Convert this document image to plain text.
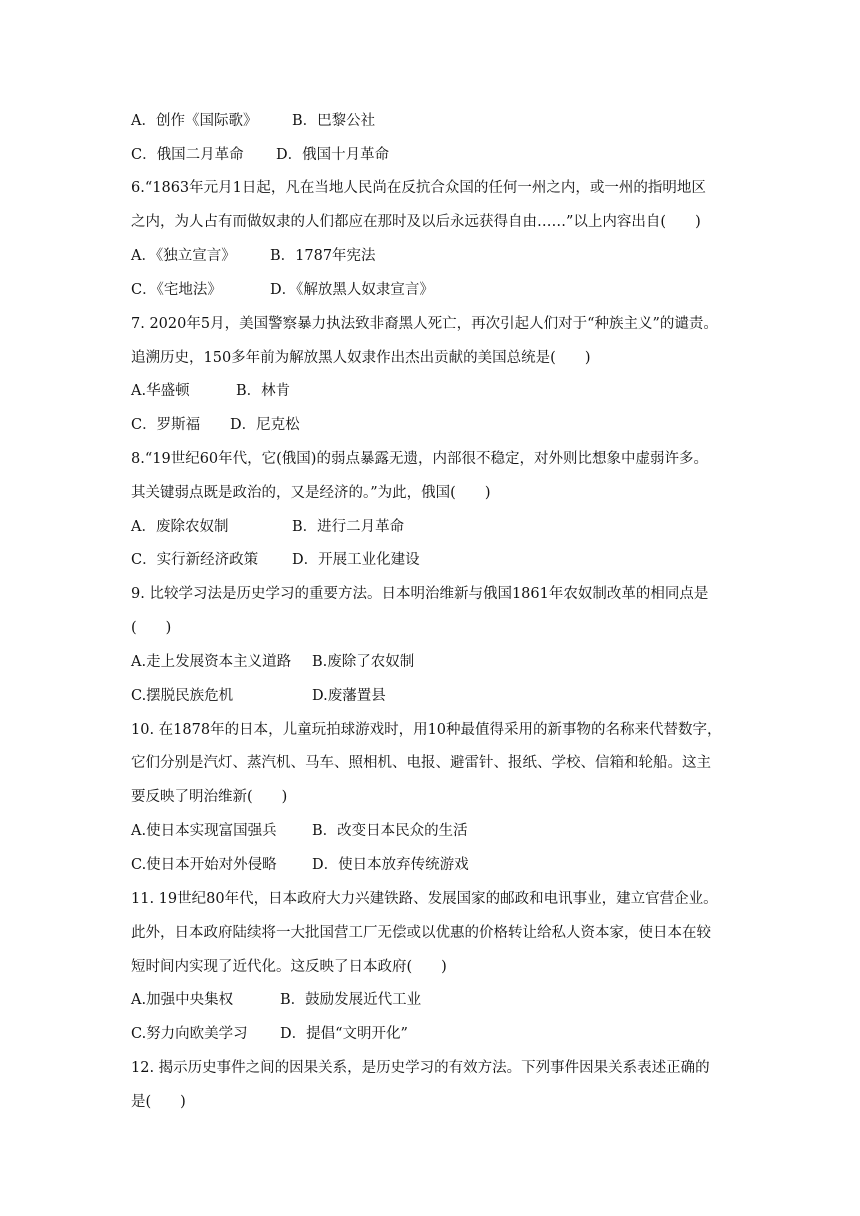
A．创作《国际歌》 B．巴黎公社
C．俄国二月革命 D．俄国十月革命
6.“1863年元月1日起，凡在当地人民尚在反抗合众国的任何一州之内，或一州的指明地区
之内，为人占有而做奴隶的人们都应在那时及以后永远获得自由……”以上内容出自(　　)
A．《独立宣言》 B．1787年宪法
C．《宅地法》	D．《解放黑人奴隶宣言》
7. 2020年5月，美国警察暴力执法致非裔黑人死亡，再次引起人们对于“种族主义”的谴责。
追溯历史，150多年前为解放黑人奴隶作出杰出贡献的美国总统是(　　)
A.华盛顿	B．林肯
C．罗斯福 D．尼克松
8.“19世纪60年代，它(俄国)的弱点暴露无遗，内部很不稳定，对外则比想象中虚弱许多。
其关键弱点既是政治的，又是经济的。”为此，俄国(　　)
A．废除农奴制	B．进行二月革命
C．实行新经济政策 D．开展工业化建设
9. 比较学习法是历史学习的重要方法。日本明治维新与俄国1861年农奴制改革的相同点是
(　　)
A.走上发展资本主义道路 B.废除了农奴制
C.摆脱民族危机	D.废藩置县
10. 在1878年的日本，儿童玩拍球游戏时，用10种最值得采用的新事物的名称来代替数字，
它们分别是汽灯、蒸汽机、马车、照相机、电报、避雷针、报纸、学校、信箱和轮船。这主
要反映了明治维新(　　)
A.使日本实现富国强兵 B．改变日本民众的生活
C.使日本开始对外侵略 D．使日本放弃传统游戏
11. 19世纪80年代，日本政府大力兴建铁路、发展国家的邮政和电讯事业，建立官营企业。
此外，日本政府陆续将一大批国营工厂无偿或以优惠的价格转让给私人资本家，使日本在较
短时间内实现了近代化。这反映了日本政府(　　)
A.加强中央集权	B．鼓励发展近代工业
C.努力向欧美学习 D．提倡“文明开化”
12. 揭示历史事件之间的因果关系，是历史学习的有效方法。下列事件因果关系表述正确的
是(　　)
